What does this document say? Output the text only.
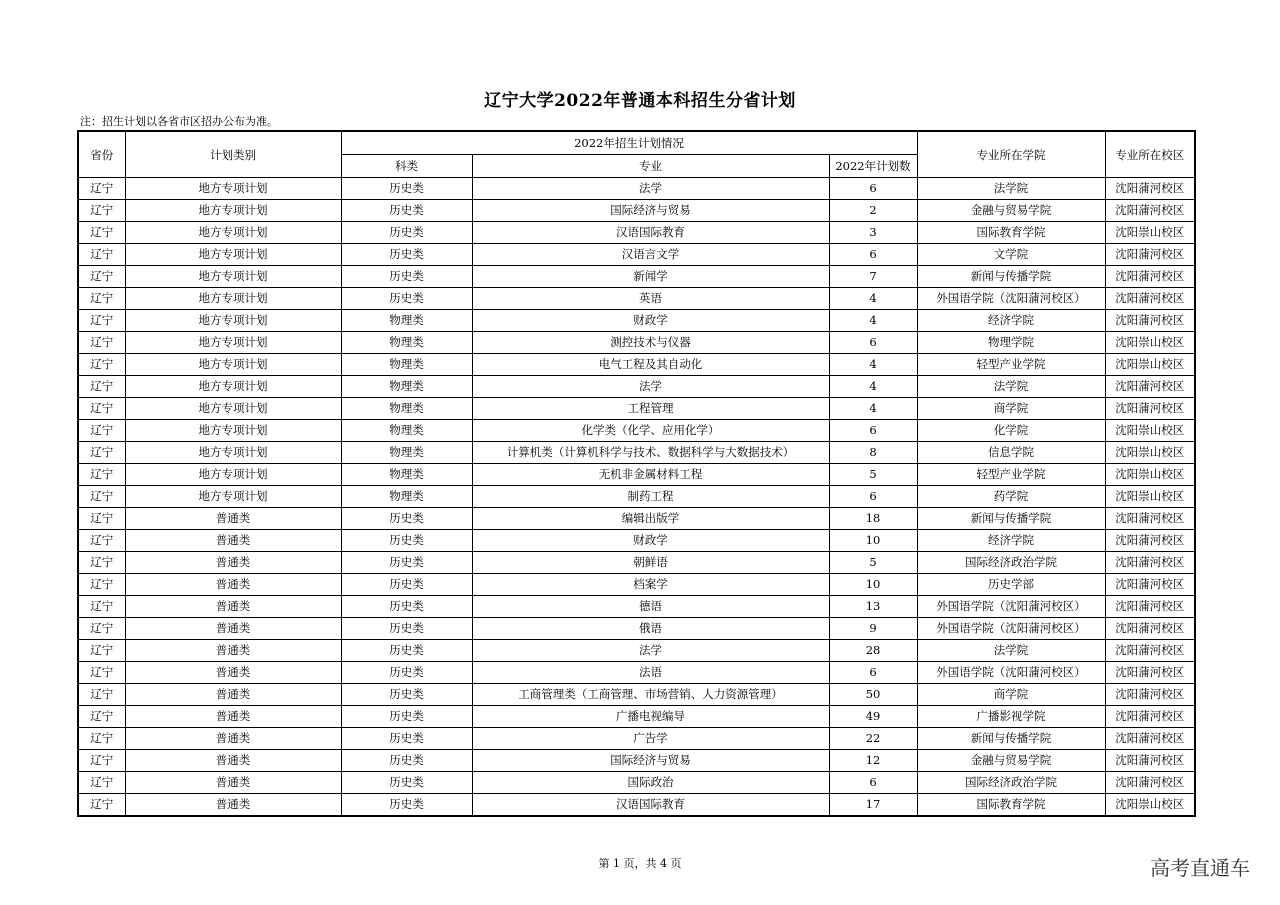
辽宁大学2022年普通本科招生分省计划
注：招生计划以各省市区招办公布为准。
省份	计划类别	2022年招生计划情况			专业所在学院	专业所在校区
		科类	专业	2022年计划数		
辽宁	地方专项计划	历史类	法学	6	法学院	沈阳蒲河校区
辽宁	地方专项计划	历史类	国际经济与贸易	2	金融与贸易学院	沈阳蒲河校区
辽宁	地方专项计划	历史类	汉语国际教育	3	国际教育学院	沈阳崇山校区
辽宁	地方专项计划	历史类	汉语言文学	6	文学院	沈阳蒲河校区
辽宁	地方专项计划	历史类	新闻学	7	新闻与传播学院	沈阳蒲河校区
辽宁	地方专项计划	历史类	英语	4	外国语学院（沈阳蒲河校区）	沈阳蒲河校区
辽宁	地方专项计划	物理类	财政学	4	经济学院	沈阳蒲河校区
辽宁	地方专项计划	物理类	测控技术与仪器	6	物理学院	沈阳崇山校区
辽宁	地方专项计划	物理类	电气工程及其自动化	4	轻型产业学院	沈阳崇山校区
辽宁	地方专项计划	物理类	法学	4	法学院	沈阳蒲河校区
辽宁	地方专项计划	物理类	工程管理	4	商学院	沈阳蒲河校区
辽宁	地方专项计划	物理类	化学类（化学、应用化学）	6	化学院	沈阳崇山校区
辽宁	地方专项计划	物理类	计算机类（计算机科学与技术、数据科学与大数据技术）	8	信息学院	沈阳崇山校区
辽宁	地方专项计划	物理类	无机非金属材料工程	5	轻型产业学院	沈阳崇山校区
辽宁	地方专项计划	物理类	制药工程	6	药学院	沈阳崇山校区
辽宁	普通类	历史类	编辑出版学	18	新闻与传播学院	沈阳蒲河校区
辽宁	普通类	历史类	财政学	10	经济学院	沈阳蒲河校区
辽宁	普通类	历史类	朝鲜语	5	国际经济政治学院	沈阳蒲河校区
辽宁	普通类	历史类	档案学	10	历史学部	沈阳蒲河校区
辽宁	普通类	历史类	德语	13	外国语学院（沈阳蒲河校区）	沈阳蒲河校区
辽宁	普通类	历史类	俄语	9	外国语学院（沈阳蒲河校区）	沈阳蒲河校区
辽宁	普通类	历史类	法学	28	法学院	沈阳蒲河校区
辽宁	普通类	历史类	法语	6	外国语学院（沈阳蒲河校区）	沈阳蒲河校区
辽宁	普通类	历史类	工商管理类（工商管理、市场营销、人力资源管理）	50	商学院	沈阳蒲河校区
辽宁	普通类	历史类	广播电视编导	49	广播影视学院	沈阳蒲河校区
辽宁	普通类	历史类	广告学	22	新闻与传播学院	沈阳蒲河校区
辽宁	普通类	历史类	国际经济与贸易	12	金融与贸易学院	沈阳蒲河校区
辽宁	普通类	历史类	国际政治	6	国际经济政治学院	沈阳蒲河校区
辽宁	普通类	历史类	汉语国际教育	17	国际教育学院	沈阳崇山校区
第 1 页，共 4 页	高考直通车
